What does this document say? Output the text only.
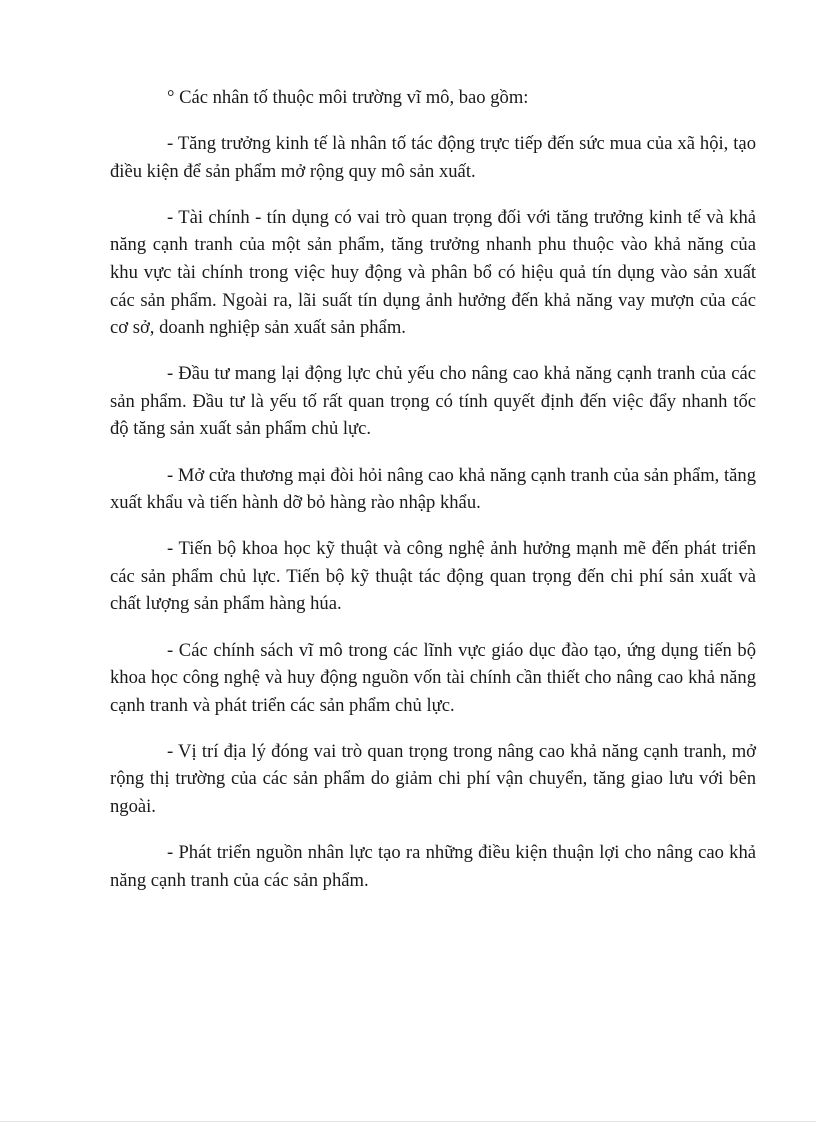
° Các nhân tố thuộc môi trường vĩ mô, bao gồm:

- Tăng trưởng kinh tế là nhân tố tác động trực tiếp đến sức mua của xã hội, tạo điều kiện để sản phẩm mở rộng quy mô sản xuất.

- Tài chính - tín dụng có vai trò quan trọng đối với tăng trưởng kinh tế và khả năng cạnh tranh của một sản phẩm, tăng trưởng nhanh phu thuộc vào khả năng của khu vực tài chính trong việc huy động và phân bổ có hiệu quả tín dụng vào sản xuất các sản phẩm. Ngoài ra, lãi suất tín dụng ảnh hưởng đến khả năng vay mượn của các cơ sở, doanh nghiệp sản xuất sản phẩm.

- Đầu tư mang lại động lực chủ yếu cho nâng cao khả năng cạnh tranh của các sản phẩm. Đầu tư là yếu tố rất quan trọng có tính quyết định đến việc đẩy nhanh tốc độ tăng sản xuất sản phẩm chủ lực.

- Mở cửa thương mại đòi hỏi nâng cao khả năng cạnh tranh của sản phẩm, tăng xuất khẩu và tiến hành dỡ bỏ hàng rào nhập khẩu.

- Tiến bộ khoa học kỹ thuật và công nghệ ảnh hưởng mạnh mẽ đến phát triển các sản phẩm chủ lực. Tiến bộ kỹ thuật tác động quan trọng đến chi phí sản xuất và chất lượng sản phẩm hàng húa.

- Các chính sách vĩ mô trong các lĩnh vực giáo dục đào tạo, ứng dụng tiến bộ khoa học công nghệ và huy động nguồn vốn tài chính cần thiết cho nâng cao khả năng cạnh tranh và phát triển các sản phẩm chủ lực.

- Vị trí địa lý đóng vai trò quan trọng trong nâng cao khả năng cạnh tranh, mở rộng thị trường của các sản phẩm do giảm chi phí vận chuyển, tăng giao lưu với bên ngoài.

- Phát triển nguồn nhân lực tạo ra những điều kiện thuận lợi cho nâng cao khả năng cạnh tranh của các sản phẩm.
